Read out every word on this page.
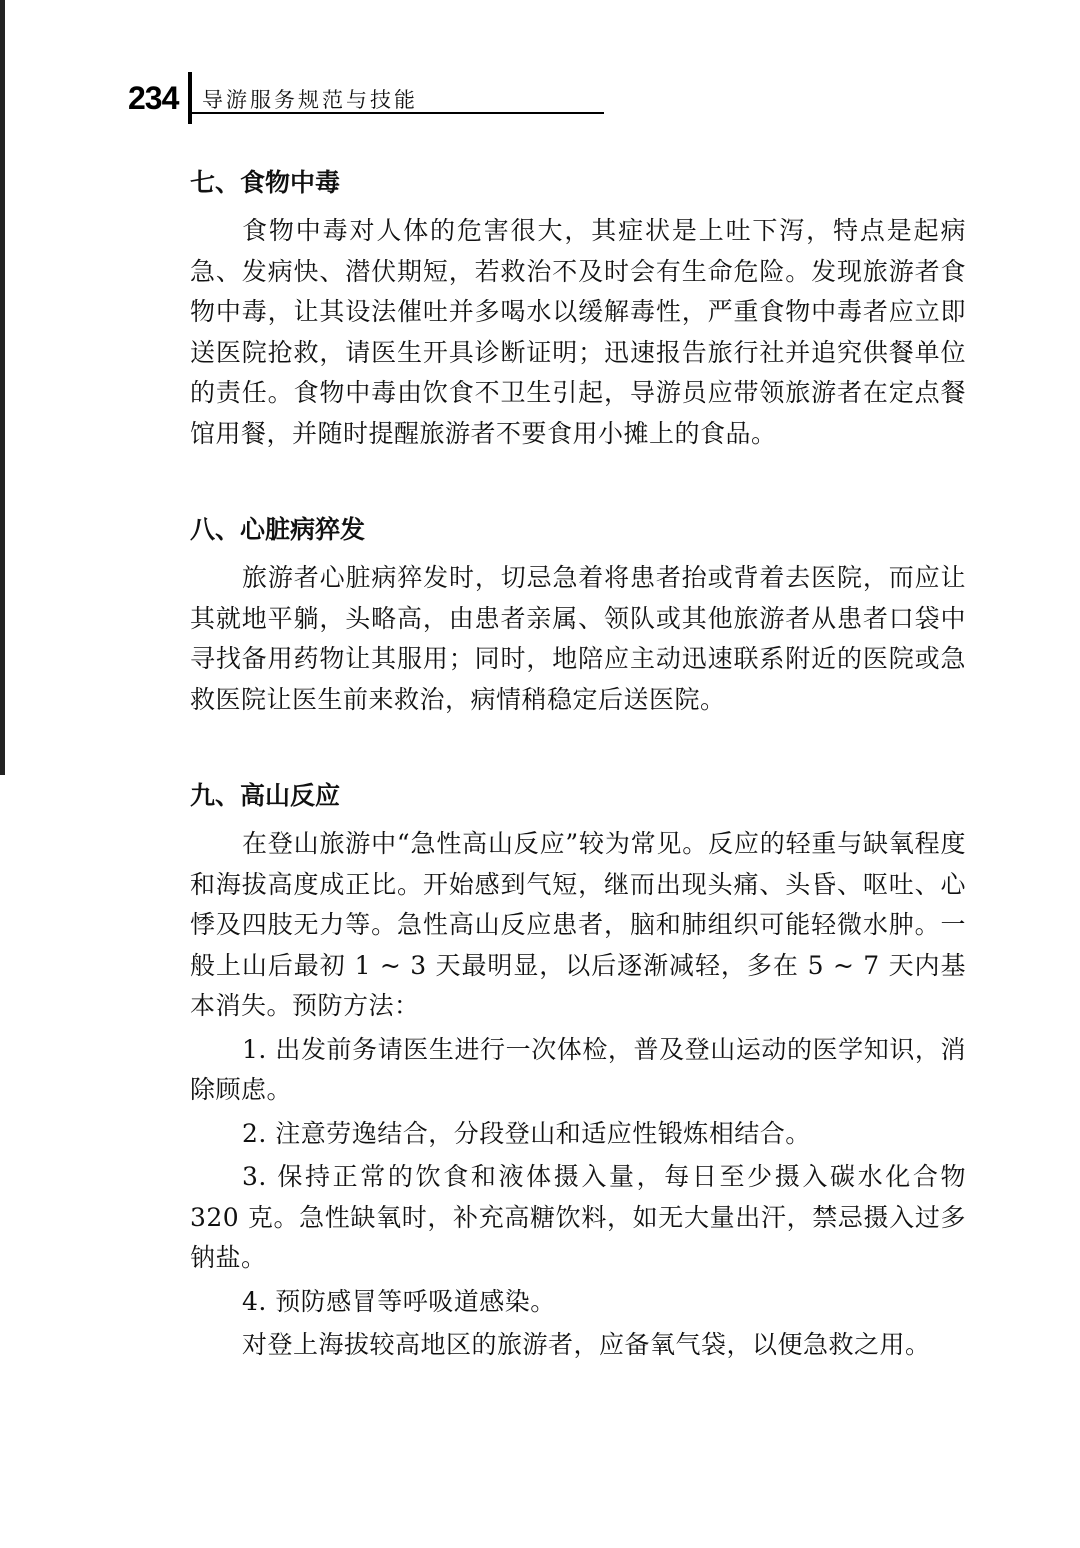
234 导游服务规范与技能
七、食物中毒

食物中毒对人体的危害很大，其症状是上吐下泻，特点是起病急、发病快、潜伏期短，若救治不及时会有生命危险。发现旅游者食物中毒，让其设法催吐并多喝水以缓解毒性，严重食物中毒者应立即送医院抢救，请医生开具诊断证明；迅速报告旅行社并追究供餐单位的责任。食物中毒由饮食不卫生引起，导游员应带领旅游者在定点餐馆用餐，并随时提醒旅游者不要食用小摊上的食品。

八、心脏病猝发

旅游者心脏病猝发时，切忌急着将患者抬或背着去医院，而应让其就地平躺，头略高，由患者亲属、领队或其他旅游者从患者口袋中寻找备用药物让其服用；同时，地陪应主动迅速联系附近的医院或急救医院让医生前来救治，病情稍稳定后送医院。

九、高山反应

在登山旅游中“急性高山反应”较为常见。反应的轻重与缺氧程度和海拔高度成正比。开始感到气短，继而出现头痛、头昏、呕吐、心悸及四肢无力等。急性高山反应患者，脑和肺组织可能轻微水肿。一般上山后最初 1 ~ 3 天最明显，以后逐渐减轻，多在 5 ~ 7 天内基本消失。预防方法：

1. 出发前务请医生进行一次体检，普及登山运动的医学知识，消除顾虑。

2. 注意劳逸结合，分段登山和适应性锻炼相结合。

3. 保持正常的饮食和液体摄入量，每日至少摄入碳水化合物 320 克。急性缺氧时，补充高糖饮料，如无大量出汗，禁忌摄入过多钠盐。

4. 预防感冒等呼吸道感染。

对登上海拔较高地区的旅游者，应备氧气袋，以便急救之用。
